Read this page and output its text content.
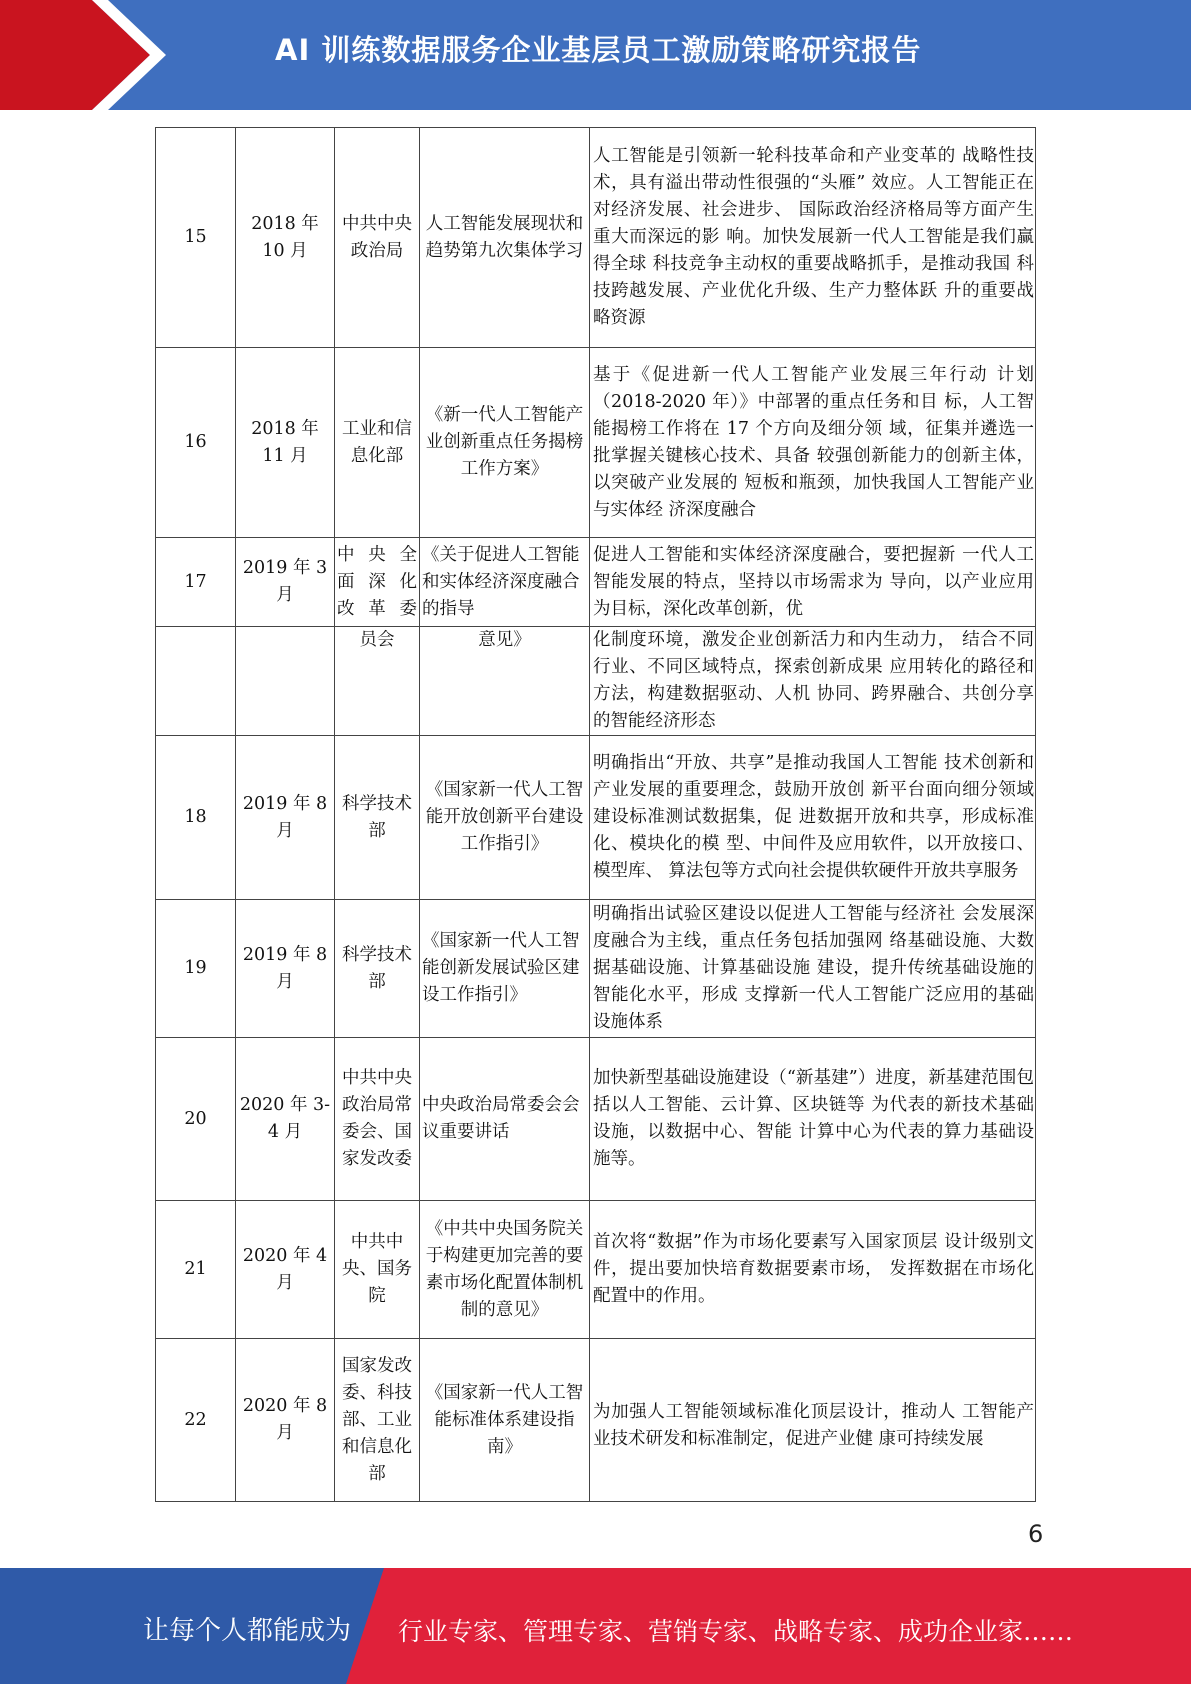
AI 训练数据服务企业基层员工激励策略研究报告
15	2018 年 10 月	中共中央政治局	人工智能发展现状和趋势第九次集体学习	人工智能是引领新一轮科技革命和产业变革的 战略性技术，具有溢出带动性很强的“头雁” 效应。人工智能正在对经济发展、社会进步、 国际政治经济格局等方面产生重大而深远的影 响。加快发展新一代人工智能是我们赢得全球 科技竞争主动权的重要战略抓手，是推动我国 科技跨越发展、产业优化升级、生产力整体跃 升的重要战略资源
16	2018 年 11 月	工业和信息化部	《新一代人工智能产业创新重点任务揭榜工作方案》	基于《促进新一代人工智能产业发展三年行动 计划（2018-2020 年）》中部署的重点任务和目 标，人工智能揭榜工作将在 17 个方向及细分领 域，征集并遴选一批掌握关键核心技术、具备 较强创新能力的创新主体，以突破产业发展的 短板和瓶颈，加快我国人工智能产业与实体经 济深度融合
17	2019 年 3 月	中 央 全 面 深 化 改革委	《关于促进人工智能和实体经济深度融合的指导	促进人工智能和实体经济深度融合，要把握新 一代人工智能发展的特点，坚持以市场需求为 导向，以产业应用为目标，深化改革创新，优
		员会	意见》	化制度环境，激发企业创新活力和内生动力， 结合不同行业、不同区域特点，探索创新成果 应用转化的路径和方法，构建数据驱动、人机 协同、跨界融合、共创分享的智能经济形态
18	2019 年 8 月	科学技术部	《国家新一代人工智能开放创新平台建设工作指引》	明确指出“开放、共享”是推动我国人工智能 技术创新和产业发展的重要理念，鼓励开放创 新平台面向细分领域建设标准测试数据集，促 进数据开放和共享，形成标准化、模块化的模 型、中间件及应用软件，以开放接口、模型库、 算法包等方式向社会提供软硬件开放共享服务
19	2019 年 8 月	科学技术部	《国家新一代人工智能创新发展试验区建设工作指引》	明确指出试验区建设以促进人工智能与经济社 会发展深度融合为主线，重点任务包括加强网 络基础设施、大数据基础设施、计算基础设施 建设，提升传统基础设施的智能化水平，形成 支撑新一代人工智能广泛应用的基础设施体系
20	2020 年 3-4 月	中共中央政治局常委会、国家发改委	中央政治局常委会会议重要讲话	加快新型基础设施建设（“新基建”）进度，新基建范围包括以人工智能、云计算、区块链等 为代表的新技术基础设施，以数据中心、智能 计算中心为代表的算力基础设施等。
21	2020 年 4 月	中共中央、国务院	《中共中央国务院关于构建更加完善的要素市场化配置体制机制的意见》	首次将“数据”作为市场化要素写入国家顶层 设计级别文件，提出要加快培育数据要素市场， 发挥数据在市场化配置中的作用。
22	2020 年 8 月	国家发改委、科技部、工业和信息化部	《国家新一代人工智能标准体系建设指南》	为加强人工智能领域标准化顶层设计，推动人 工智能产业技术研发和标准制定，促进产业健 康可持续发展
6
让每个人都能成为 行业专家、管理专家、营销专家、战略专家、成功企业家……
